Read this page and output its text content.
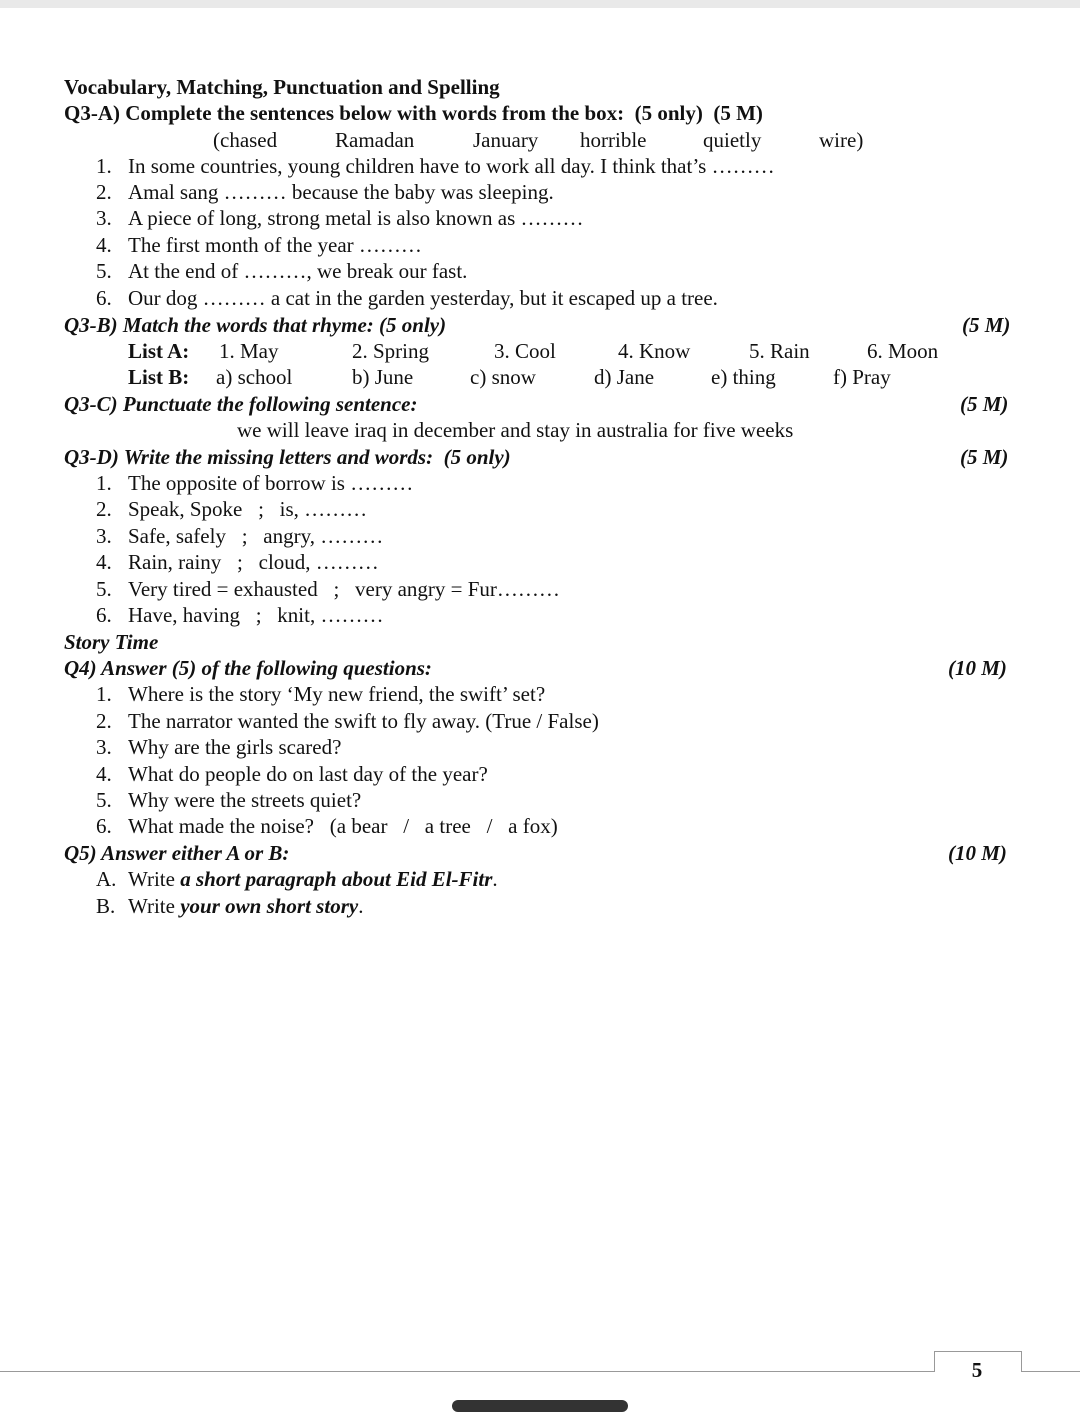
Vocabulary, Matching, Punctuation and Spelling
Q3-A) Complete the sentences below with words from the box:  (5 only)  (5 M)
(chased	Ramadan	January horrible	quietly	wire)
1. In some countries, young children have to work all day. I think that’s ………
2. Amal sang ……… because the baby was sleeping.
3. A piece of long, strong metal is also known as ………
4. The first month of the year ………
5. At the end of ………, we break our fast.
6. Our dog ……… a cat in the garden yesterday, but it escaped up a tree.
Q3-B) Match the words that rhyme: (5 only)	(5 M)
List A: 1. May	2. Spring	3. Cool	4. Know	5. Rain	6. Moon
List B: a) school	b) June	c) snow	d) Jane	e) thing	f) Pray
Q3-C) Punctuate the following sentence:	(5 M)
we will leave iraq in december and stay in australia for five weeks
Q3-D) Write the missing letters and words:  (5 only)	(5 M)
1. The opposite of borrow is ………
2. Speak, Spoke   ;   is, ………
3. Safe, safely   ;   angry, ………
4. Rain, rainy   ;   cloud, ………
5. Very tired = exhausted   ;   very angry = Fur………
6. Have, having   ;   knit, ………
Story Time
Q4) Answer (5) of the following questions:	(10 M)
1. Where is the story ‘My new friend, the swift’ set?
2. The narrator wanted the swift to fly away. (True / False)
3. Why are the girls scared?
4. What do people do on last day of the year?
5. Why were the streets quiet?
6. What made the noise?   (a bear   /   a tree   /   a fox)
Q5) Answer either A or B:	(10 M)
A. Write a short paragraph about Eid El-Fitr.
B. Write your own short story.
5
